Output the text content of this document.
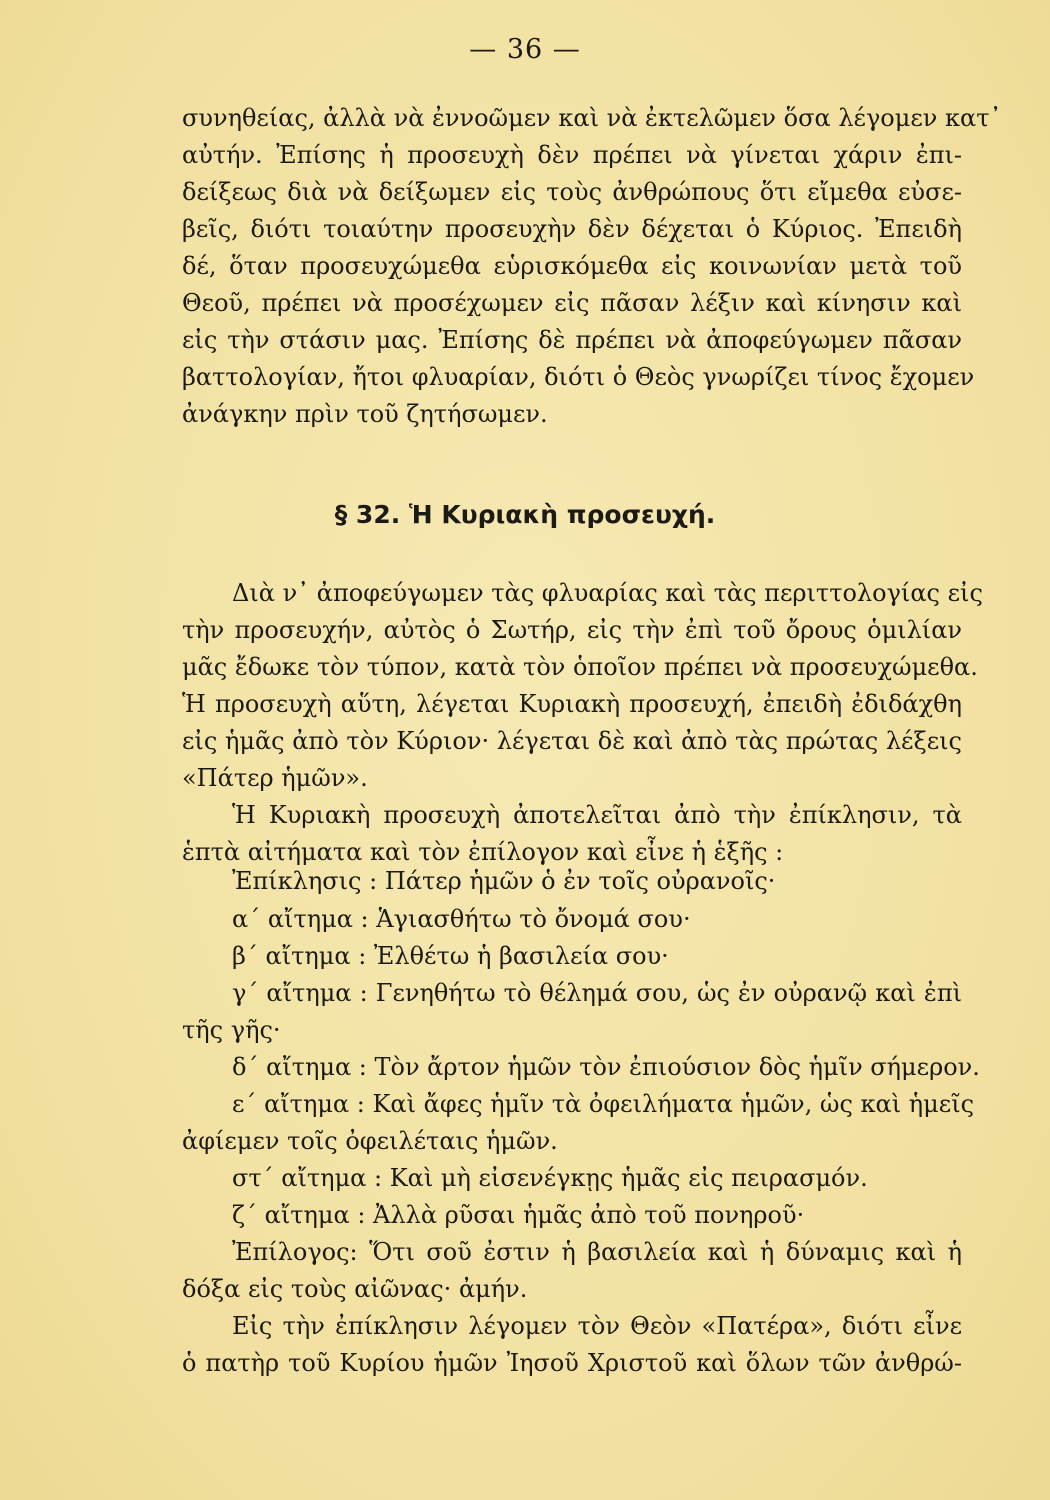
— 36 —
συνηθείας, ἀλλὰ νὰ ἐννοῶμεν καὶ νὰ ἐκτελῶμεν ὅσα λέγομεν κατ᾽
αὐτήν. Ἐπίσης ἡ προσευχὴ δὲν πρέπει νὰ γίνεται χάριν ἐπι-
δείξεως διὰ νὰ δείξωμεν εἰς τοὺς ἀνθρώπους ὅτι εἴμεθα εὐσε-
βεῖς, διότι τοιαύτην προσευχὴν δὲν δέχεται ὁ Κύριος. Ἐπειδὴ
δέ, ὅταν προσευχώμεθα εὑρισκόμεθα εἰς κοινωνίαν μετὰ τοῦ
Θεοῦ, πρέπει νὰ προσέχωμεν εἰς πᾶσαν λέξιν καὶ κίνησιν καὶ
εἰς τὴν στάσιν μας. Ἐπίσης δὲ πρέπει νὰ ἀποφεύγωμεν πᾶσαν
βαττολογίαν, ἤτοι φλυαρίαν, διότι ὁ Θεὸς γνωρίζει τίνος ἔχομεν
ἀνάγκην πρὶν τοῦ ζητήσωμεν.
§ 32. Ἡ Κυριακὴ προσευχή.
Διὰ ν᾽ ἀποφεύγωμεν τὰς φλυαρίας καὶ τὰς περιττολογίας εἰς
τὴν προσευχήν, αὐτὸς ὁ Σωτήρ, εἰς τὴν ἐπὶ τοῦ ὄρους ὁμιλίαν
μᾶς ἔδωκε τὸν τύπον, κατὰ τὸν ὁποῖον πρέπει νὰ προσευχώμεθα.
Ἡ προσευχὴ αὕτη, λέγεται Κυριακὴ προσευχή, ἐπειδὴ ἐδιδάχθη
εἰς ἡμᾶς ἀπὸ τὸν Κύριον· λέγεται δὲ καὶ ἀπὸ τὰς πρώτας λέξεις
«Πάτερ ἡμῶν».
Ἡ Κυριακὴ προσευχὴ ἀποτελεῖται ἀπὸ τὴν ἐπίκλησιν, τὰ
ἑπτὰ αἰτήματα καὶ τὸν ἐπίλογον καὶ εἶνε ἡ ἑξῆς :
Ἐπίκλησις : Πάτερ ἡμῶν ὁ ἐν τοῖς οὐρανοῖς·
α΄ αἴτημα : Ἁγιασθήτω τὸ ὄνομά σου·
β΄ αἴτημα : Ἐλθέτω ἡ βασιλεία σου·
γ΄ αἴτημα : Γενηθήτω τὸ θέλημά σου, ὡς ἐν οὐρανῷ καὶ ἐπὶ
τῆς γῆς·
δ΄ αἴτημα : Τὸν ἄρτον ἡμῶν τὸν ἐπιούσιον δὸς ἡμῖν σήμερον.
ε΄ αἴτημα : Καὶ ἄφες ἡμῖν τὰ ὀφειλήματα ἡμῶν, ὡς καὶ ἡμεῖς
ἀφίεμεν τοῖς ὀφειλέταις ἡμῶν.
στ΄ αἴτημα : Καὶ μὴ εἰσενέγκῃς ἡμᾶς εἰς πειρασμόν.
ζ΄ αἴτημα : Ἀλλὰ ρῦσαι ἡμᾶς ἀπὸ τοῦ πονηροῦ·
Ἐπίλογος: Ὅτι σοῦ ἐστιν ἡ βασιλεία καὶ ἡ δύναμις καὶ ἡ
δόξα εἰς τοὺς αἰῶνας· ἀμήν.
Εἰς τὴν ἐπίκλησιν λέγομεν τὸν Θεὸν «Πατέρα», διότι εἶνε
ὁ πατὴρ τοῦ Κυρίου ἡμῶν Ἰησοῦ Χριστοῦ καὶ ὅλων τῶν ἀνθρώ-
